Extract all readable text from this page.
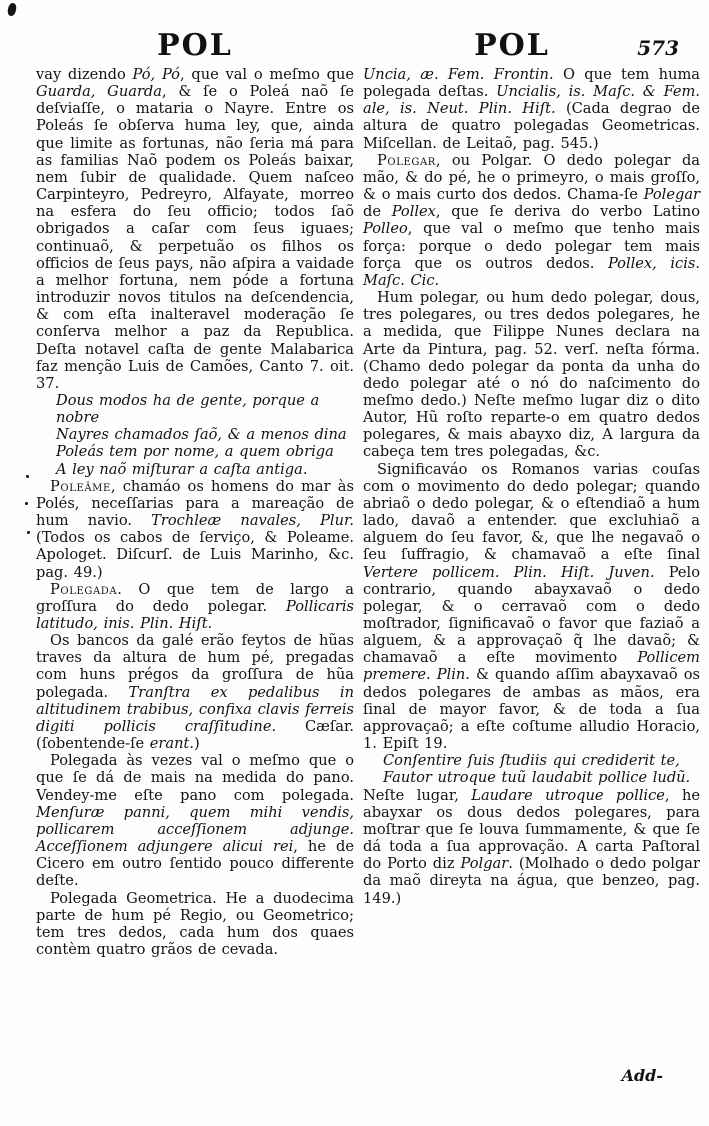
POL	POL	573

vay dizendo Pó, Pó, que val o meſmo que Guarda, Guarda, & ſe o Poleá naõ ſe deſviaſſe, o mataria o Nayre. Entre os Poleás ſe obſerva huma ley, que, ainda que limite as fortunas, não ſeria má para as familias Naõ podem os Poleás baixar, nem ſubir de qualidade. Quem naſceo Carpinteyro, Pedreyro, Alfayate, morreo na esfera do ſeu officio; todos ſaõ obrigados a caſar com ſeus iguaes; continuaõ, & perpetuão os filhos os officios de ſeus pays, não aſpira a vaidade a melhor fortuna, nem póde a fortuna introduzir novos titulos na deſcendencia, & com eſta inalteravel moderação ſe conſerva melhor a paz da Republica. Deſta notavel caſta de gente Malabarica faz menção Luis de Camões, Canto 7. oit. 37.

Dous modos ha de gente, porque a nobre
Nayres chamados ſaõ, & a menos dina
Poleás tem por nome, a quem obriga
A ley naõ miſturar a caſta antiga.

Poleâme, chamáo os homens do mar às Polés, neceſſarias para a mareação de hum navio. Trochleæ navales, Plur. (Todos os cabos de ſerviço, & Poleame. Apologet. Diſcurſ. de Luis Marinho, &c. pag. 49.)

Polegada. O que tem de largo a groſſura do dedo polegar. Pollicaris latitudo, inis. Plin. Hiſt.

Os bancos da galé erão feytos de hũas traves da altura de hum pé, pregadas com huns prégos da groſſura de hũa polegada. Tranſtra ex pedalibus in altitudinem trabibus, confixa clavis ferreis digiti pollicis craſſitudine. Cæſar. (ſobentende-ſe erant.)

Polegada às vezes val o meſmo que o que ſe dá de mais na medida do pano. Vendey-me eſte pano com polegada. Menſuræ panni, quem mihi vendis, pollicarem acceſſionem adjunge. Acceſſionem adjungere alicui rei, he de Cicero em outro ſentido pouco differente deſte.

Polegada Geometrica. He a duodecima parte de hum pé Regio, ou Geometrico; tem tres dedos, cada hum dos quaes contèm quatro grãos de cevada.

Uncia, æ. Fem. Frontin. O que tem huma polegada deſtas. Uncialis, is. Maſc. & Fem. ale, is. Neut. Plin. Hiſt. (Cada degrao de altura de quatro polegadas Geometricas. Miſcellan. de Leitaõ, pag. 545.)

Polegar, ou Polgar. O dedo polegar da mão, & do pé, he o primeyro, o mais groſſo, & o mais curto dos dedos. Chama-ſe Polegar de Pollex, que ſe deriva do verbo Latino Polleo, que val o meſmo que tenho mais força: porque o dedo polegar tem mais força que os outros dedos. Pollex, icis. Maſc. Cic.

Hum polegar, ou hum dedo polegar, dous, tres polegares, ou tres dedos polegares, he a medida, que Filippe Nunes declara na Arte da Pintura, pag. 52. verſ. neſta fórma. (Chamo dedo polegar da ponta da unha do dedo polegar até o nó do naſcimento do meſmo dedo.) Neſte meſmo lugar diz o dito Autor, Hũ roſto reparte-o em quatro dedos polegares, & mais abayxo diz, A largura da cabeça tem tres polegadas, &c.

Significaváo os Romanos varias couſas com o movimento do dedo polegar; quando abriaõ o dedo polegar, & o eſtendiaõ a hum lado, davaõ a entender. que excluhiaõ a alguem do ſeu favor, &, que lhe negavaõ o ſeu ſuffragio, & chamavaõ a eſte ſinal Vertere pollicem. Plin. Hiſt. Juven. Pelo contrario, quando abayxavaõ o dedo polegar, & o cerravaõ com o dedo moſtrador, ſignificavaõ o favor que faziaõ a alguem, & a approvaçaõ q̃ lhe davaõ; & chamavaõ a eſte movimento Pollicem premere. Plin. & quando aſſim abayxavaõ os dedos polegares de ambas as mãos, era ſinal de mayor favor, & de toda a ſua approvaçaõ; a eſte coſtume alludio Horacio, 1. Epiſt 19.

Conſentire ſuis ſtudiis qui crediderit te,
Fautor utroque tuũ laudabit pollice ludũ.

Neſte lugar, Laudare utroque pollice, he abayxar os dous dedos polegares, para moſtrar que ſe louva ſummamente, & que ſe dá toda a ſua approvação. A carta Paſtoral do Porto diz Polgar. (Molhado o dedo polgar da maõ direyta na água, que benzeo, pag. 149.)

Add-
